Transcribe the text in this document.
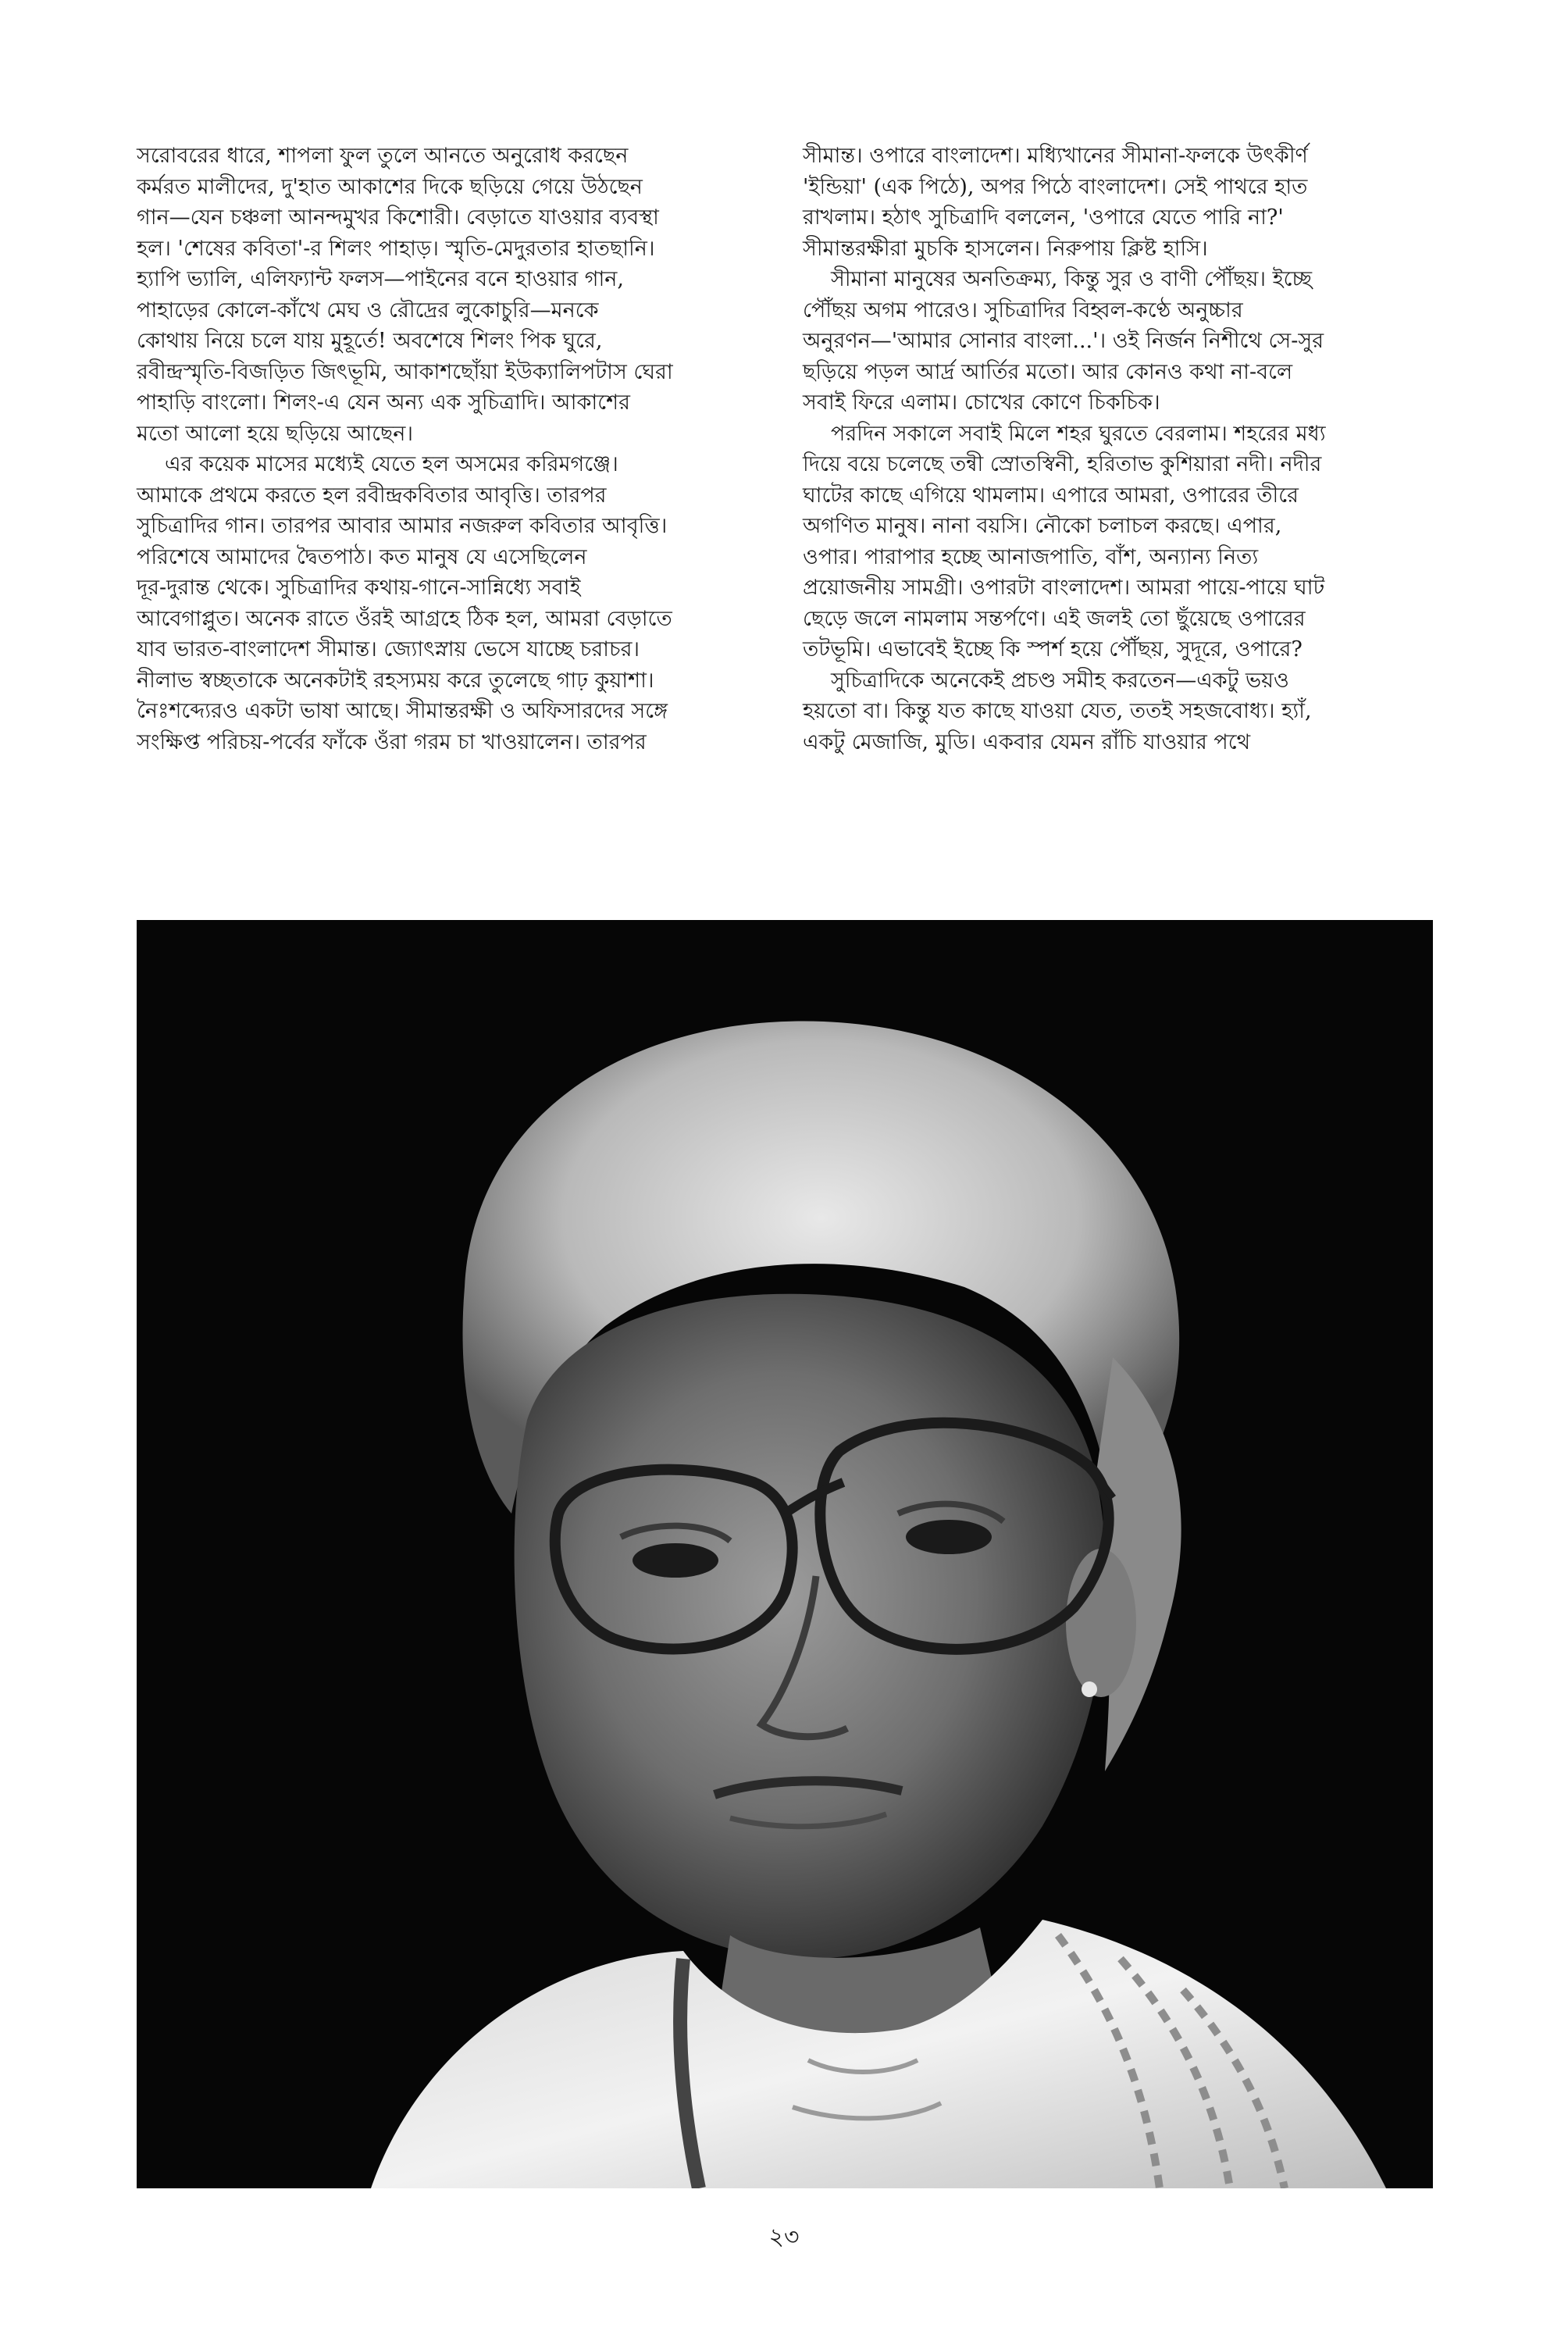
সরোবরের ধারে, শাপলা ফুল তুলে আনতে অনুরোধ করছেন
কর্মরত মালীদের, দু'হাত আকাশের দিকে ছড়িয়ে গেয়ে উঠছেন
গান—যেন চঞ্চলা আনন্দমুখর কিশোরী। বেড়াতে যাওয়ার ব্যবস্থা
হল। 'শেষের কবিতা'-র শিলং পাহাড়। স্মৃতি-মেদুরতার হাতছানি।
হ্যাপি ভ্যালি, এলিফ্যান্ট ফলস—পাইনের বনে হাওয়ার গান,
পাহাড়ের কোলে-কাঁখে মেঘ ও রৌদ্রের লুকোচুরি—মনকে
কোথায় নিয়ে চলে যায় মুহূর্তে! অবশেষে শিলং পিক ঘুরে,
রবীন্দ্রস্মৃতি-বিজড়িত জিৎভূমি, আকাশছোঁয়া ইউক্যালিপটাস ঘেরা
পাহাড়ি বাংলো। শিলং-এ যেন অন্য এক সুচিত্রাদি। আকাশের
মতো আলো হয়ে ছড়িয়ে আছেন।
এর কয়েক মাসের মধ্যেই যেতে হল অসমের করিমগঞ্জে।
আমাকে প্রথমে করতে হল রবীন্দ্রকবিতার আবৃত্তি। তারপর
সুচিত্রাদির গান। তারপর আবার আমার নজরুল কবিতার আবৃত্তি।
পরিশেষে আমাদের দ্বৈতপাঠ। কত মানুষ যে এসেছিলেন
দূর-দুরান্ত থেকে। সুচিত্রাদির কথায়-গানে-সান্নিধ্যে সবাই
আবেগাপ্লুত। অনেক রাতে ওঁরই আগ্রহে ঠিক হল, আমরা বেড়াতে
যাব ভারত-বাংলাদেশ সীমান্ত। জ্যোৎস্নায় ভেসে যাচ্ছে চরাচর।
নীলাভ স্বচ্ছতাকে অনেকটাই রহস্যময় করে তুলেছে গাঢ় কুয়াশা।
নৈঃশব্দ্যেরও একটা ভাষা আছে। সীমান্তরক্ষী ও অফিসারদের সঙ্গে
সংক্ষিপ্ত পরিচয়-পর্বের ফাঁকে ওঁরা গরম চা খাওয়ালেন। তারপর
সীমান্ত। ওপারে বাংলাদেশ। মধ্যিখানের সীমানা-ফলকে উৎকীর্ণ
'ইন্ডিয়া' (এক পিঠে), অপর পিঠে বাংলাদেশ। সেই পাথরে হাত
রাখলাম। হঠাৎ সুচিত্রাদি বললেন, 'ওপারে যেতে পারি না?'
সীমান্তরক্ষীরা মুচকি হাসলেন। নিরুপায় ক্লিষ্ট হাসি।
সীমানা মানুষের অনতিক্রম্য, কিন্তু সুর ও বাণী পৌঁছয়। ইচ্ছে
পৌঁছয় অগম পারেও। সুচিত্রাদির বিহ্বল-কণ্ঠে অনুচ্চার
অনুরণন—'আমার সোনার বাংলা...'। ওই নির্জন নিশীথে সে-সুর
ছড়িয়ে পড়ল আর্দ্র আর্তির মতো। আর কোনও কথা না-বলে
সবাই ফিরে এলাম। চোখের কোণে চিকচিক।
পরদিন সকালে সবাই মিলে শহর ঘুরতে বেরলাম। শহরের মধ্য
দিয়ে বয়ে চলেছে তন্বী স্রোতস্বিনী, হরিতাভ কুশিয়ারা নদী। নদীর
ঘাটের কাছে এগিয়ে থামলাম। এপারে আমরা, ওপারের তীরে
অগণিত মানুষ। নানা বয়সি। নৌকো চলাচল করছে। এপার,
ওপার। পারাপার হচ্ছে আনাজপাতি, বাঁশ, অন্যান্য নিত্য
প্রয়োজনীয় সামগ্রী। ওপারটা বাংলাদেশ। আমরা পায়ে-পায়ে ঘাট
ছেড়ে জলে নামলাম সন্তর্পণে। এই জলই তো ছুঁয়েছে ওপারের
তটভূমি। এভাবেই ইচ্ছে কি স্পর্শ হয়ে পৌঁছয়, সুদূরে, ওপারে?
সুচিত্রাদিকে অনেকেই প্রচণ্ড সমীহ করতেন—একটু ভয়ও
হয়তো বা। কিন্তু যত কাছে যাওয়া যেত, ততই সহজবোধ্য। হ্যাঁ,
একটু মেজাজি, মুডি। একবার যেমন রাঁচি যাওয়ার পথে
২৩
